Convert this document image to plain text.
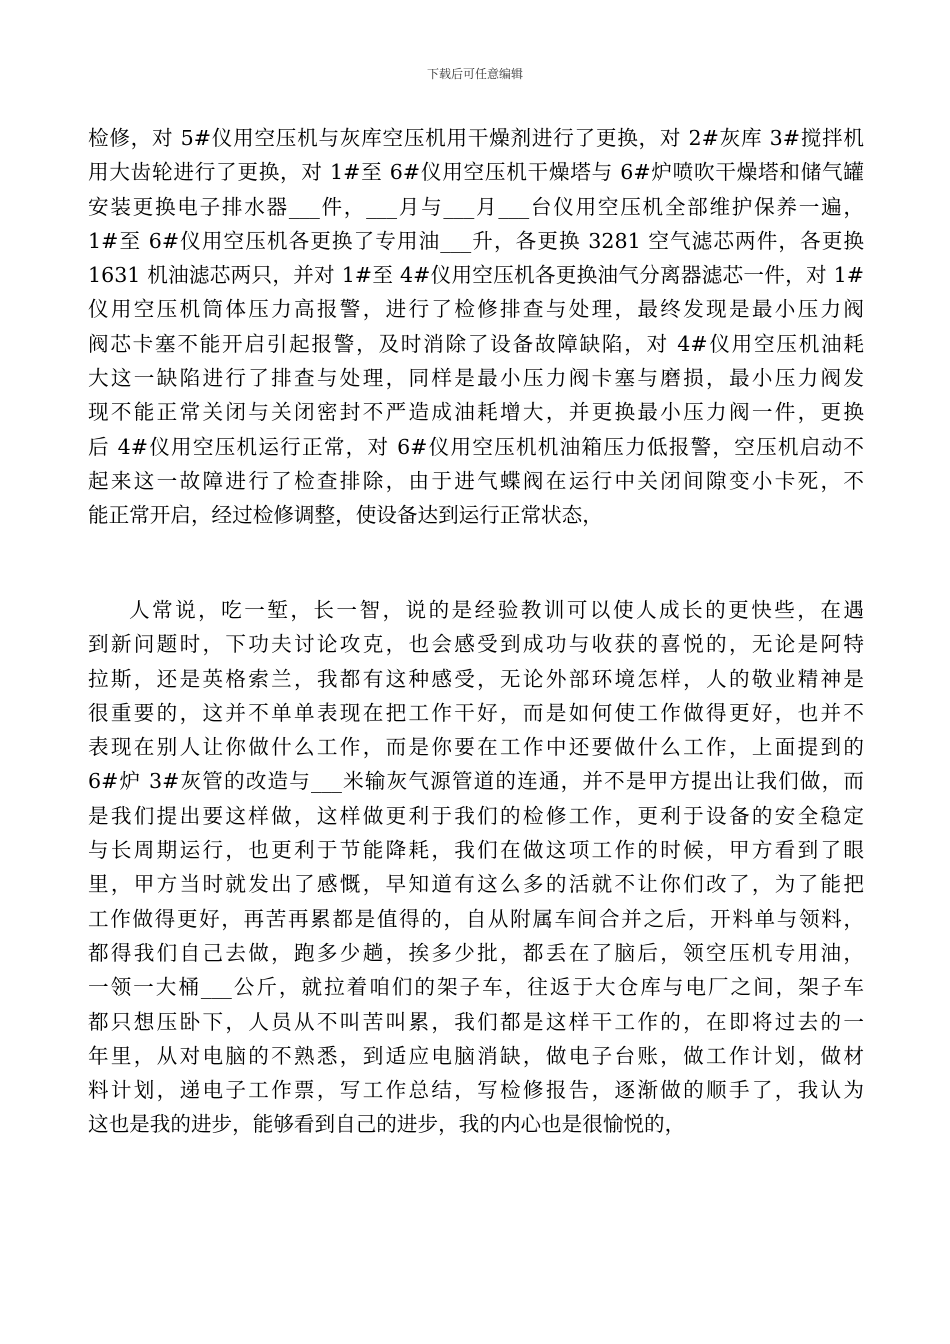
下载后可任意编辑
检修，对 5#仪用空压机与灰库空压机用干燥剂进行了更换，对 2#灰库 3#搅拌机
用大齿轮进行了更换，对 1#至 6#仪用空压机干燥塔与 6#炉喷吹干燥塔和储气罐
安装更换电子排水器___件，___月与___月___台仪用空压机全部维护保养一遍，
1#至 6#仪用空压机各更换了专用油___升，各更换 3281 空气滤芯两件，各更换
1631 机油滤芯两只，并对 1#至 4#仪用空压机各更换油气分离器滤芯一件，对 1#
仪用空压机筒体压力高报警，进行了检修排查与处理，最终发现是最小压力阀
阀芯卡塞不能开启引起报警，及时消除了设备故障缺陷，对 4#仪用空压机油耗
大这一缺陷进行了排查与处理，同样是最小压力阀卡塞与磨损，最小压力阀发
现不能正常关闭与关闭密封不严造成油耗增大，并更换最小压力阀一件，更换
后 4#仪用空压机运行正常，对 6#仪用空压机机油箱压力低报警，空压机启动不
起来这一故障进行了检查排除，由于进气蝶阀在运行中关闭间隙变小卡死，不
能正常开启，经过检修调整，使设备达到运行正常状态，
人常说，吃一堑，长一智，说的是经验教训可以使人成长的更快些，在遇
到新问题时，下功夫讨论攻克，也会感受到成功与收获的喜悦的，无论是阿特
拉斯，还是英格索兰，我都有这种感受，无论外部环境怎样，人的敬业精神是
很重要的，这并不单单表现在把工作干好，而是如何使工作做得更好，也并不
表现在别人让你做什么工作，而是你要在工作中还要做什么工作，上面提到的
6#炉 3#灰管的改造与___米输灰气源管道的连通，并不是甲方提出让我们做，而
是我们提出要这样做，这样做更利于我们的检修工作，更利于设备的安全稳定
与长周期运行，也更利于节能降耗，我们在做这项工作的时候，甲方看到了眼
里，甲方当时就发出了感慨，早知道有这么多的活就不让你们改了，为了能把
工作做得更好，再苦再累都是值得的，自从附属车间合并之后，开料单与领料，
都得我们自己去做，跑多少趟，挨多少批，都丢在了脑后，领空压机专用油，
一领一大桶___公斤，就拉着咱们的架子车，往返于大仓库与电厂之间，架子车
都只想压卧下，人员从不叫苦叫累，我们都是这样干工作的，在即将过去的一
年里，从对电脑的不熟悉，到适应电脑消缺，做电子台账，做工作计划，做材
料计划，递电子工作票，写工作总结，写检修报告，逐渐做的顺手了，我认为
这也是我的进步，能够看到自己的进步，我的内心也是很愉悦的，
